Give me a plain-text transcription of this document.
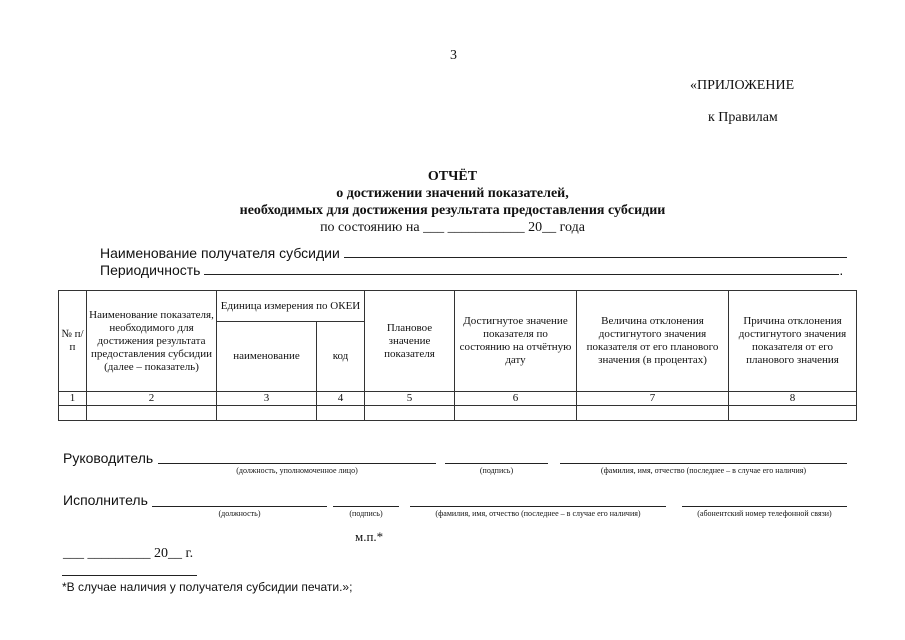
3
«ПРИЛОЖЕНИЕ
к Правилам
ОТЧЁТ
о достижении значений показателей,
необходимых для достижения результата предоставления субсидии
по состоянию на ___ ___________ 20__ года
Наименование получателя субсидии
Периодичность	.
№ п/п	Наименование показателя, необходимого для достижения результата предоставления субсидии (далее – показатель)	Единица измерения по ОКЕИ		Плановое значение показателя	Достигнутое значение показателя по состоянию на отчётную дату	Величина отклонения достигнутого значения показателя от его планового значения (в процентах)	Причина отклонения достигнутого значения показателя от его планового значения
		наименование	код				
1	2	3	4	5	6	7	8

Руководитель
(должность, уполномоченное лицо)	(подпись)	(фамилия, имя, отчество (последнее – в случае его наличия)
Исполнитель
(должность)	(подпись)	(фамилия, имя, отчество (последнее – в случае его наличия)	(абонентский номер телефонной связи)
м.п.*
___ _________ 20__ г.
*В случае наличия у получателя субсидии печати.»;
